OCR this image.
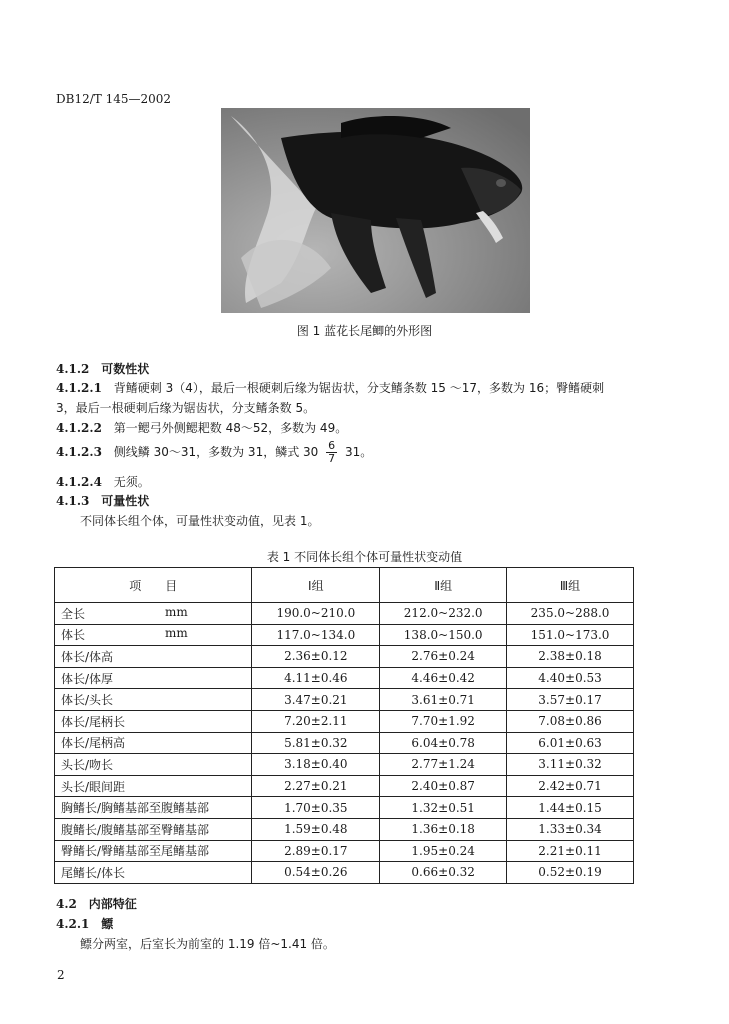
DB12/T 145—2002
图 1 蓝花长尾鲫的外形图
4.1.2 可数性状
4.1.2.1 背鳍硬刺 3（4），最后一根硬刺后缘为锯齿状，分支鳍条数 15 ～17，多数为 16；臀鳍硬刺
3，最后一根硬刺后缘为锯齿状，分支鳍条数 5。
4.1.2.2 第一鳃弓外侧鳃耙数 48～52，多数为 49。
4.1.2.3 侧线鳞 30～31，多数为 31，鳞式 $30 \frac{6}{7} 31$。
4.1.2.4 无须。
4.1.3 可量性状
不同体长组个体，可量性状变动值，见表 1。
表 1 不同体长组个体可量性状变动值
项　　目	Ⅰ组	Ⅱ组	Ⅲ组
全长 mm	190.0~210.0	212.0~232.0	235.0~288.0
体长 mm	117.0~134.0	138.0~150.0	151.0~173.0
体长/体高	2.36±0.12	2.76±0.24	2.38±0.18
体长/体厚	4.11±0.46	4.46±0.42	4.40±0.53
体长/头长	3.47±0.21	3.61±0.71	3.57±0.17
体长/尾柄长	7.20±2.11	7.70±1.92	7.08±0.86
体长/尾柄高	5.81±0.32	6.04±0.78	6.01±0.63
头长/吻长	3.18±0.40	2.77±1.24	3.11±0.32
头长/眼间距	2.27±0.21	2.40±0.87	2.42±0.71
胸鳍长/胸鳍基部至腹鳍基部	1.70±0.35	1.32±0.51	1.44±0.15
腹鳍长/腹鳍基部至臀鳍基部	1.59±0.48	1.36±0.18	1.33±0.34
臀鳍长/臀鳍基部至尾鳍基部	2.89±0.17	1.95±0.24	2.21±0.11
尾鳍长/体长	0.54±0.26	0.66±0.32	0.52±0.19
4.2 内部特征
4.2.1 鳔
鳔分两室，后室长为前室的 1.19 倍~1.41 倍。
2
